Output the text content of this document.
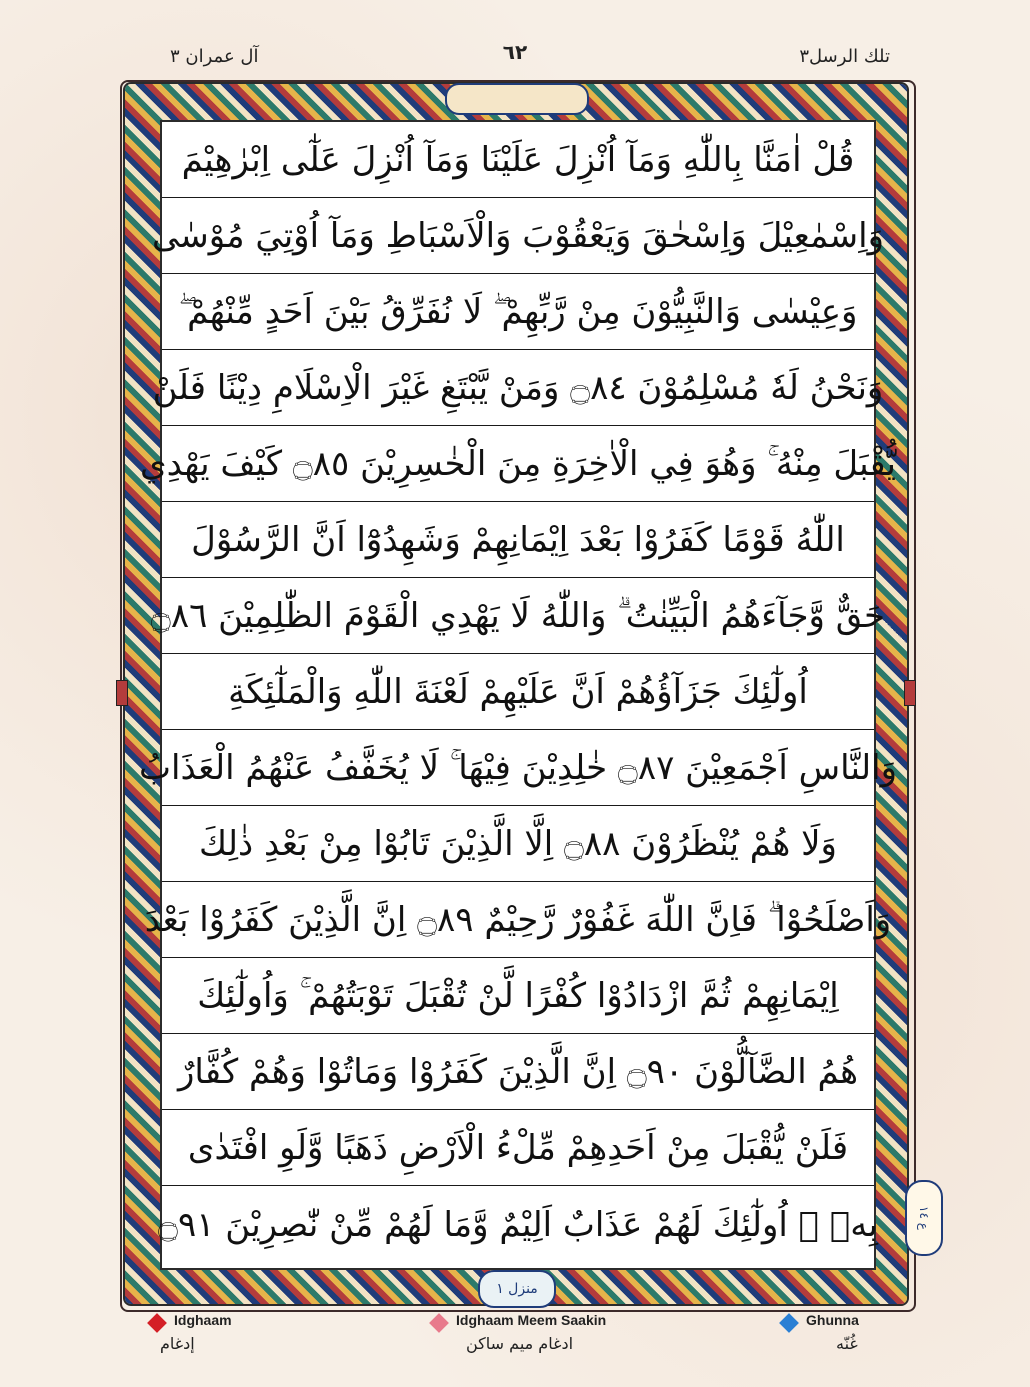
آل عمران ٣	٦٢	تلك الرسل٣
قُلْ اٰمَنَّا بِاللّٰهِ وَمَآ اُنْزِلَ عَلَيْنَا وَمَآ اُنْزِلَ عَلٰٓى اِبْرٰهِيْمَ
وَاِسْمٰعِيْلَ وَاِسْحٰقَ وَيَعْقُوْبَ وَالْاَسْبَاطِ وَمَآ اُوْتِيَ مُوْسٰى
وَعِيْسٰى وَالنَّبِيُّوْنَ مِنْ رَّبِّهِمْ ۖ لَا نُفَرِّقُ بَيْنَ اَحَدٍ مِّنْهُمْ ۖ
وَنَحْنُ لَهٗ مُسْلِمُوْنَ ۝٨٤ وَمَنْ يَّبْتَغِ غَيْرَ الْاِسْلَامِ دِيْنًا فَلَنْ
يُّقْبَلَ مِنْهُ ۚ وَهُوَ فِي الْاٰخِرَةِ مِنَ الْخٰسِرِيْنَ ۝٨٥ كَيْفَ يَهْدِي
اللّٰهُ قَوْمًا كَفَرُوْا بَعْدَ اِيْمَانِهِمْ وَشَهِدُوْٓا اَنَّ الرَّسُوْلَ
حَقٌّ وَّجَآءَهُمُ الْبَيِّنٰتُ ۗ وَاللّٰهُ لَا يَهْدِي الْقَوْمَ الظّٰلِمِيْنَ ۝٨٦
اُولٰٓئِكَ جَزَآؤُهُمْ اَنَّ عَلَيْهِمْ لَعْنَةَ اللّٰهِ وَالْمَلٰٓئِكَةِ
وَالنَّاسِ اَجْمَعِيْنَ ۝٨٧ خٰلِدِيْنَ فِيْهَا ۚ لَا يُخَفَّفُ عَنْهُمُ الْعَذَابُ
وَلَا هُمْ يُنْظَرُوْنَ ۝٨٨ اِلَّا الَّذِيْنَ تَابُوْا مِنْ بَعْدِ ذٰلِكَ
وَاَصْلَحُوْا ۗ فَاِنَّ اللّٰهَ غَفُوْرٌ رَّحِيْمٌ ۝٨٩ اِنَّ الَّذِيْنَ كَفَرُوْا بَعْدَ
اِيْمَانِهِمْ ثُمَّ ازْدَادُوْا كُفْرًا لَّنْ تُقْبَلَ تَوْبَتُهُمْ ۚ وَاُولٰٓئِكَ
هُمُ الضَّآلُّوْنَ ۝٩٠ اِنَّ الَّذِيْنَ كَفَرُوْا وَمَاتُوْا وَهُمْ كُفَّارٌ
فَلَنْ يُّقْبَلَ مِنْ اَحَدِهِمْ مِّلْءُ الْاَرْضِ ذَهَبًا وَّلَوِ افْتَدٰى
بِهٖ ۗ اُولٰٓئِكَ لَهُمْ عَذَابٌ اَلِيْمٌ وَّمَا لَهُمْ مِّنْ نّٰصِرِيْنَ ۝٩١
منزل ١
ع ١٤
Idghaam
إدغام
Idghaam Meem Saakin
ادغام میم ساکن
Ghunna
غُنّه
